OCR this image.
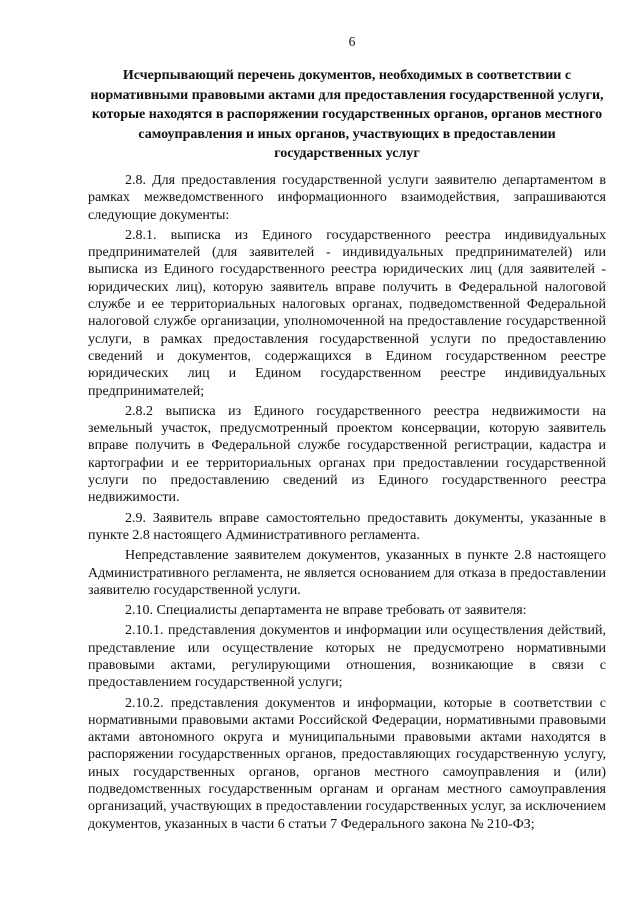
6
Исчерпывающий перечень документов, необходимых в соответствии с нормативными правовыми актами для предоставления государственной услуги, которые находятся в распоряжении государственных органов, органов местного самоуправления и иных органов, участвующих в предоставлении государственных услуг

2.8. Для предоставления государственной услуги заявителю департаментом в рамках межведомственного информационного взаимодействия, запрашиваются следующие документы:

2.8.1. выписка из Единого государственного реестра индивидуальных предпринимателей (для заявителей - индивидуальных предпринимателей) или выписка из Единого государственного реестра юридических лиц (для заявителей - юридических лиц), которую заявитель вправе получить в Федеральной налоговой службе и ее территориальных налоговых органах, подведомственной Федеральной налоговой службе организации, уполномоченной на предоставление государственной услуги, в рамках предоставления государственной услуги по предоставлению сведений и документов, содержащихся в Едином государственном реестре юридических лиц и Едином государственном реестре индивидуальных предпринимателей;

2.8.2 выписка из Единого государственного реестра недвижимости на земельный участок, предусмотренный проектом консервации, которую заявитель вправе получить в Федеральной службе государственной регистрации, кадастра и картографии и ее территориальных органах при предоставлении государственной услуги по предоставлению сведений из Единого государственного реестра недвижимости.

2.9. Заявитель вправе самостоятельно предоставить документы, указанные в пункте 2.8 настоящего Административного регламента.

Непредставление заявителем документов, указанных в пункте 2.8 настоящего Административного регламента, не является основанием для отказа в предоставлении заявителю государственной услуги.

2.10. Специалисты департамента не вправе требовать от заявителя:

2.10.1. представления документов и информации или осуществления действий, представление или осуществление которых не предусмотрено нормативными правовыми актами, регулирующими отношения, возникающие в связи с предоставлением государственной услуги;

2.10.2. представления документов и информации, которые в соответствии с нормативными правовыми актами Российской Федерации, нормативными правовыми актами автономного округа и муниципальными правовыми актами находятся в распоряжении государственных органов, предоставляющих государственную услугу, иных государственных органов, органов местного самоуправления и (или) подведомственных государственным органам и органам местного самоуправления организаций, участвующих в предоставлении государственных услуг, за исключением документов, указанных в части 6 статьи 7 Федерального закона № 210-ФЗ;
